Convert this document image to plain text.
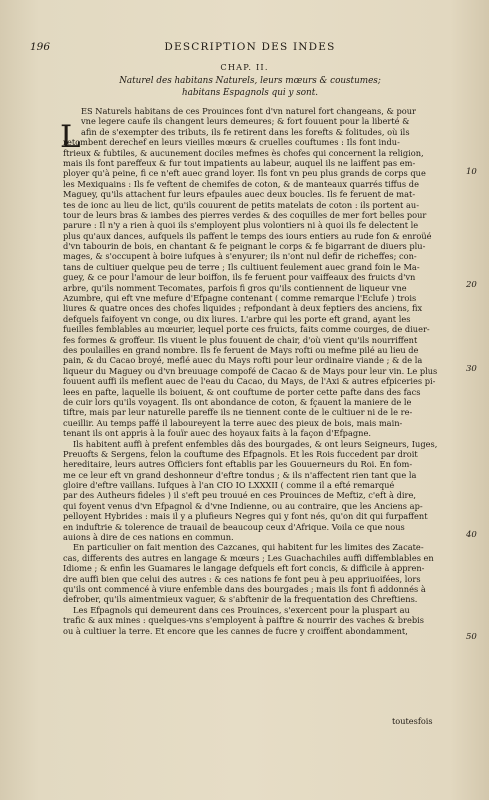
196	DESCRIPTION DES INDES
CHAP. II.
Naturel des habitans Naturels, leurs mœurs & coustumes;
habitans Espagnols qui y sont.
L
ES Naturels habitans de ces Prouinces font d'vn naturel fort changeans, & pour
vne legere caufe ils changent leurs demeures; & fort fouuent pour la liberté &
afin de s'exempter des tributs, ils fe retirent dans les forefts & folitudes, où ils
retombent derechef en leurs vieilles mœurs & cruelles couftumes : Ils font indu-
ftrieux & fubtiles, & aucunement dociles mefmes ès chofes qui concernent la religion,
mais ils font pareffeux & fur tout impatients au labeur, auquel ils ne laiffent pas em-
ployer qu'à peine, fi ce n'eft auec grand loyer. Ils font vn peu plus grands de corps que
les Mexiquains : Ils fe veftent de chemifes de coton, & de manteaux quarrés tiffus de
Maguey, qu'ils attachent fur leurs efpaules auec deux boucles. Ils fe feruent de mat-
tes de ionc au lieu de lict, qu'ils couurent de petits matelats de coton : ils portent au-
tour de leurs bras & iambes des pierres verdes & des coquilles de mer fort belles pour
parure : Il n'y a rien à quoi ils s'employent plus volontiers ni à quoi ils fe delectent le
plus qu'aux dances, aufquels ils paffent le temps des iours entiers au rude fon & enroüé
d'vn tabourin de bois, en chantant & fe peignant le corps & fe bigarrant de diuers plu-
mages, & s'occupent à boire iufques à s'enyurer; ils n'ont nul defir de richeffes; con-
tans de cultiuer quelque peu de terre ; Ils cultiuent feulement auec grand foin le Ma-
guey, & ce pour l'amour de leur boiffon, ils fe feruent pour vaiffeaux des fruicts d'vn
arbre, qu'ils nomment Tecomates, parfois fi gros qu'ils contiennent de liqueur vne
Azumbre, qui eft vne mefure d'Efpagne contenant ( comme remarque l'Eclufe ) trois
liures & quatre onces des chofes liquides ; refpondant à deux feptiers des anciens, fix
defquels faifoyent vn conge, ou dix liures. L'arbre qui les porte eft grand, ayant les
fueilles femblables au mœurier, lequel porte ces fruicts, faits comme courges, de diuer-
fes formes & groffeur. Ils viuent le plus fouuent de chair, d'où vient qu'ils nourriffent
des poulailles en grand nombre. Ils fe feruent de Mays rofti ou mefme pilé au lieu de
pain, & du Cacao broyé, meflé auec du Mays rofti pour leur ordinaire viande ; & de la
liqueur du Maguey ou d'vn breuuage compofé de Cacao & de Mays pour leur vin. Le plus
fouuent auffi ils meflent auec de l'eau du Cacao, du Mays, de l'Axi & autres efpiceries pi-
lees en pafte, laquelle ils boiuent, & ont couftume de porter cette pafte dans des facs
de cuir lors qu'ils voyagent. Ils ont abondance de coton, & fçauent la maniere de le
tiftre, mais par leur naturelle pareffe ils ne tiennent conte de le cultiuer ni de le re-
cueillir. Au temps paffé il laboureyent la terre auec des pieux de bois, mais main-
tenant ils ont appris à la fouïr auec des hoyaux faits à la façon d'Efpagne.
Ils habitent auffi à prefent enfembles dâs des bourgades, & ont leurs Seigneurs, Iuges,
Preuofts & Sergens, felon la couftume des Efpagnols. Et les Rois fuccedent par droit
hereditaire, leurs autres Officiers font eftablis par les Gouuerneurs du Roi. En fom-
me ce leur eft vn grand deshonneur d'eftre tondus ; & ils n'affectent rien tant que la
gloire d'eftre vaillans. Iufques à l'an CIO IO LXXXII ( comme il a efté remarqué
par des Autheurs fideles ) il s'eft peu trouué en ces Prouinces de Meftiz, c'eft à dire,
qui foyent venus d'vn Efpagnol & d'vne Indienne, ou au contraire, que les Anciens ap-
pelloyent Hybrides : mais il y a plufieurs Negres qui y font nés, qu'on dit qui furpaffent
en induftrie & tolerence de trauail de beaucoup ceux d'Afrique. Voila ce que nous
auions à dire de ces nations en commun.
En particulier on fait mention des Cazcanes, qui habitent fur les limites des Zacate-
cas, differents des autres en langage & mœurs ; Les Guachachiles auffi diffemblables en
Idiome ; & enfin les Guamares le langage defquels eft fort concis, & difficile à appren-
dre auffi bien que celui des autres : & ces nations fe font peu à peu appriuoifées, lors
qu'ils ont commencé à viure enfemble dans des bourgades ; mais ils font fi addonnés à
defrober, qu'ils aimentmieux vaguer, & s'abftenir de la frequentation des Chreftiens.
Les Efpagnols qui demeurent dans ces Prouinces, s'exercent pour la pluspart au
trafic & aux mines : quelques-vns s'employent à paiftre & nourrir des vaches & brebis
ou à cultiuer la terre. Et encore que les cannes de fucre y croiffent abondamment,
10
20
30
40
50
toutesfois
